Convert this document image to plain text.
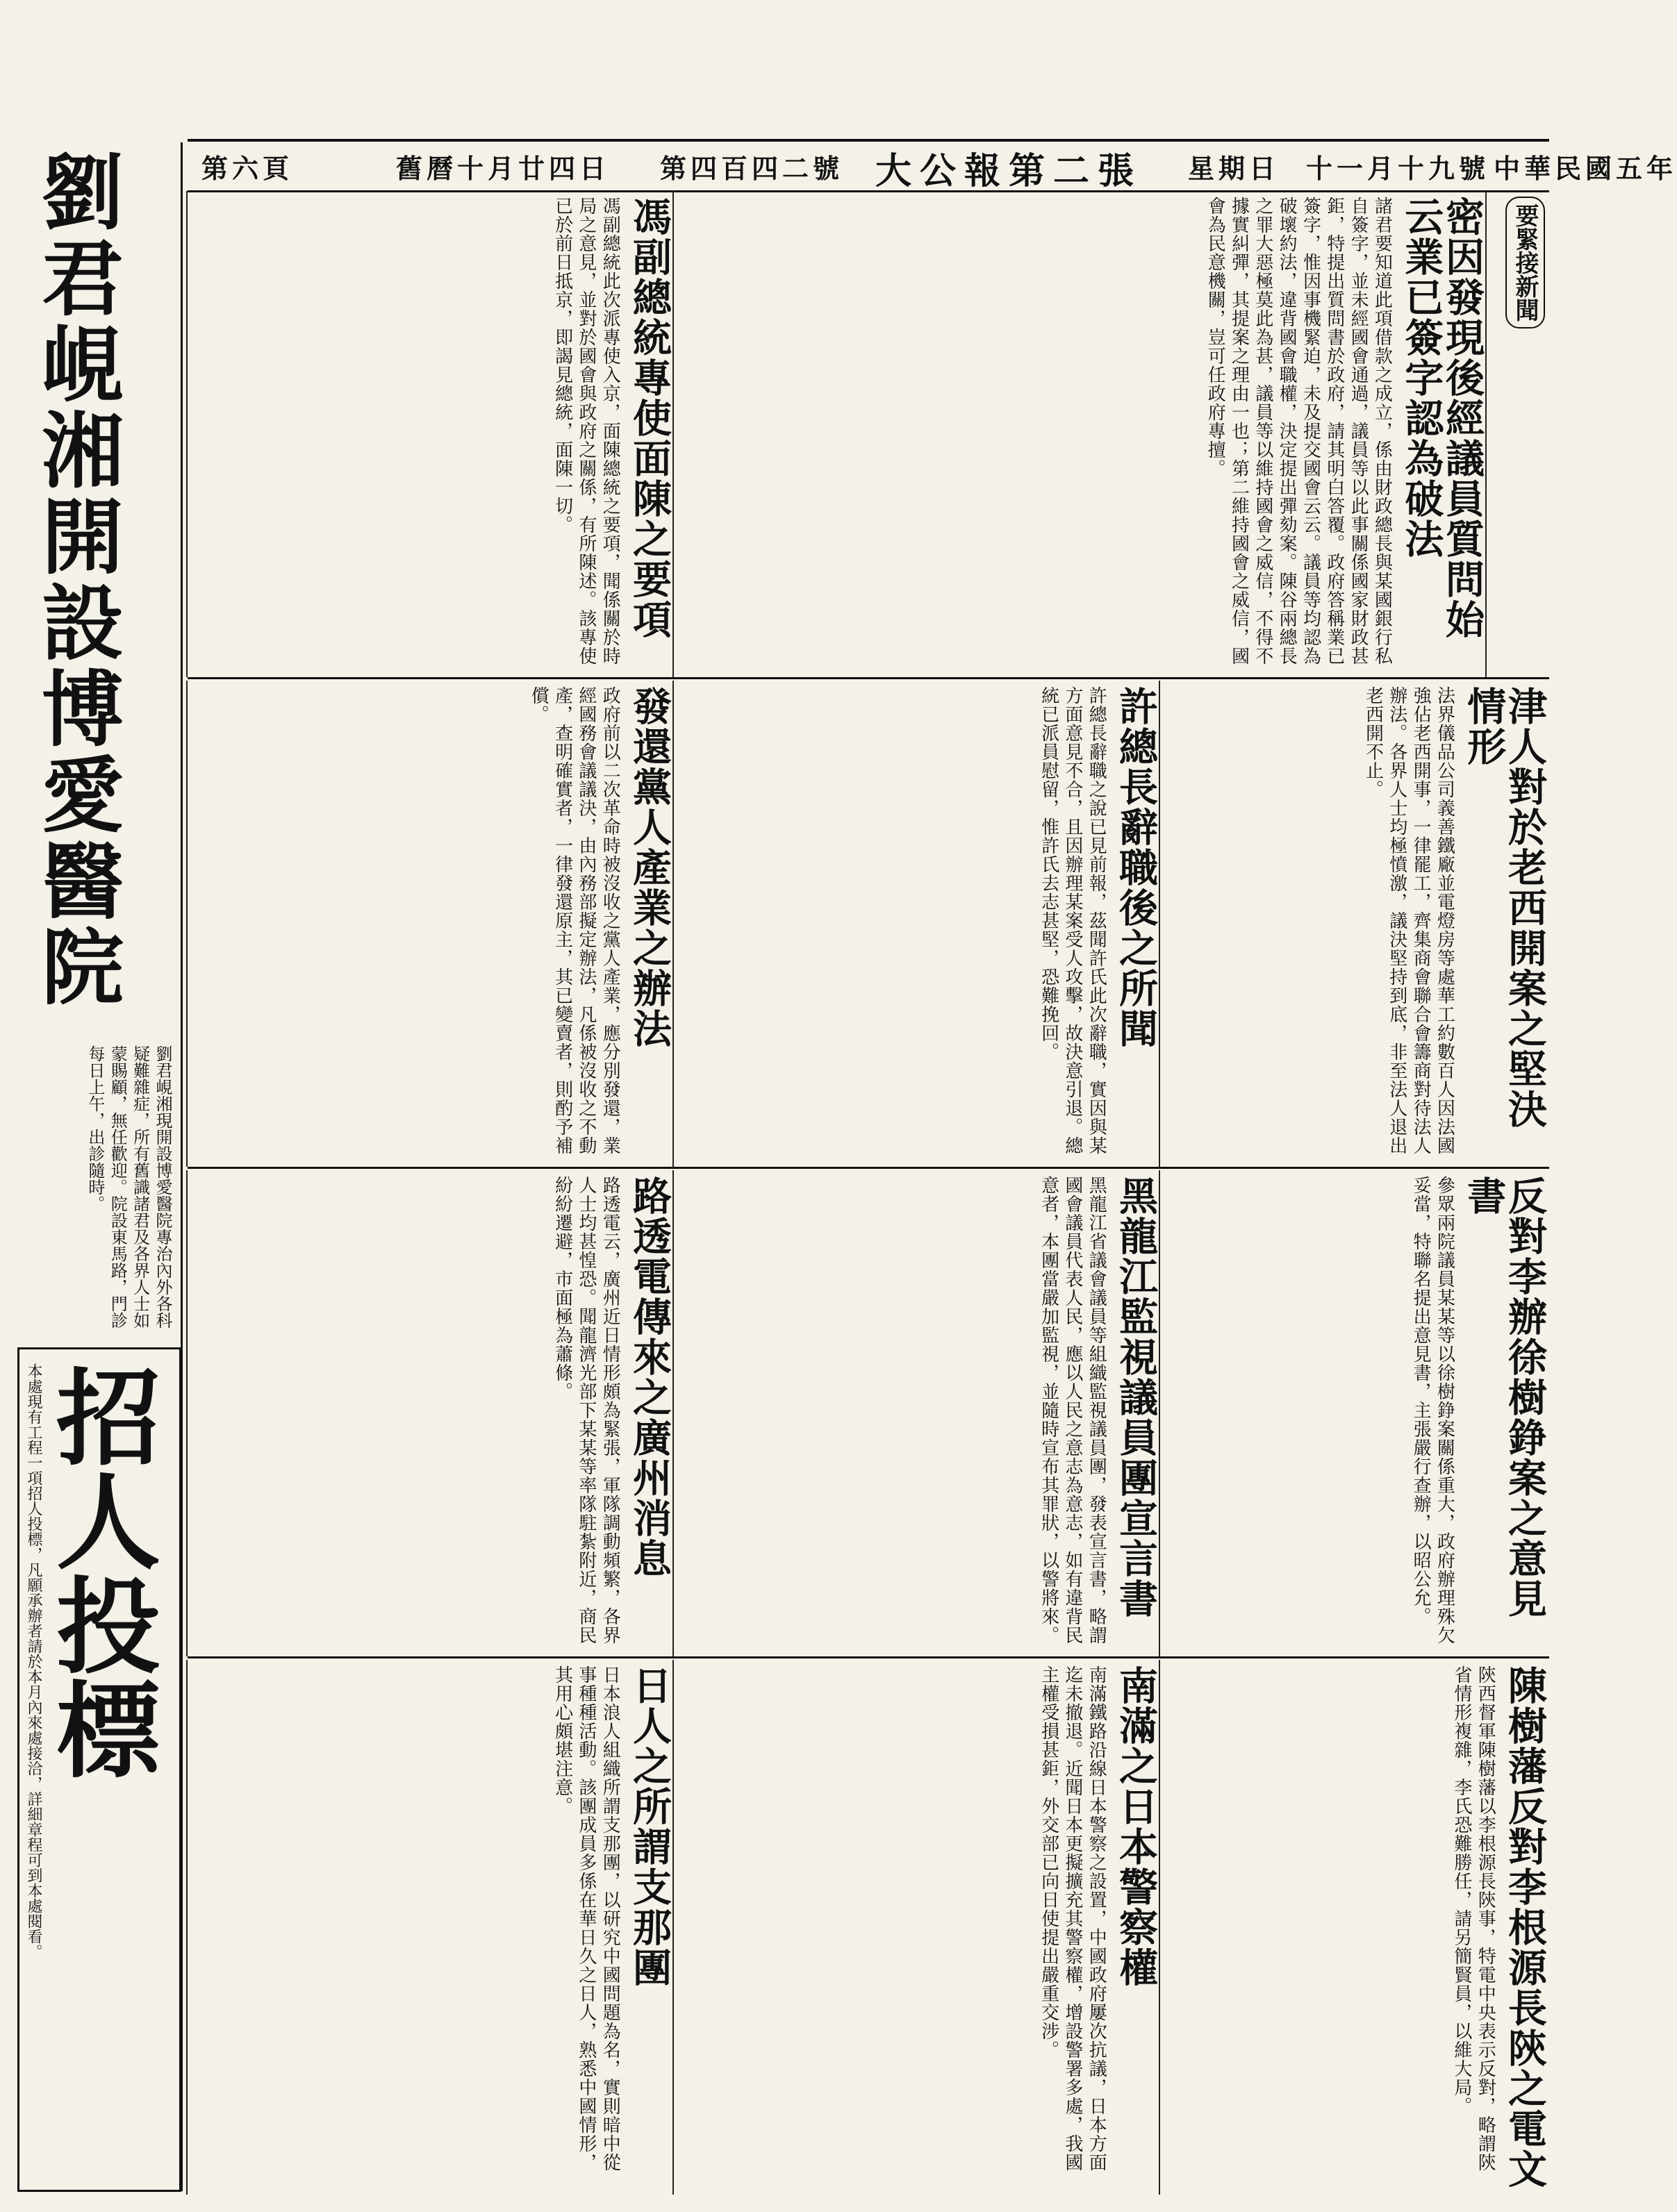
第六頁	舊曆十月廿四日 第四百四二號 大公報第二張 星期日 十一月十九號 中華民國五年
劉君峴湘開設博愛醫院
劉君峴湘現開設博愛醫院專治內外各科疑難雜症，所有舊識諸君及各界人士如蒙賜顧，無任歡迎。院設東馬路，門診每日上午，出診隨時。
招人投標
本處現有工程一項招人投標，凡願承辦者請於本月內來處接洽，詳細章程可到本處閱看。
要緊接新聞
密因發現後經議員質問始云業已簽字認為破法
諸君要知道此項借款之成立，係由財政總長與某國銀行私自簽字，並未經國會通過，議員等以此事關係國家財政甚鉅，特提出質問書於政府，請其明白答覆。政府答稱業已簽字，惟因事機緊迫，未及提交國會云云。議員等均認為破壞約法，違背國會職權，決定提出彈劾案。陳谷兩總長之罪大惡極莫此為甚，議員等以維持國會之威信，不得不據實糾彈，其提案之理由一也；第二維持國會之威信，國會為民意機關，豈可任政府專擅。
馮副總統專使面陳之要項
馮副總統此次派專使入京，面陳總統之要項，聞係關於時局之意見，並對於國會與政府之關係，有所陳述。該專使已於前日抵京，即謁見總統，面陳一切。
津人對於老西開案之堅決情形
法界儀品公司義善鐵廠並電燈房等處華工約數百人因法國強佔老西開事，一律罷工，齊集商會聯合會籌商對待法人辦法。各界人士均極憤激，議決堅持到底，非至法人退出老西開不止。
許總長辭職後之所聞
許總長辭職之說已見前報，茲聞許氏此次辭職，實因與某方面意見不合，且因辦理某案受人攻擊，故決意引退。總統已派員慰留，惟許氏去志甚堅，恐難挽回。
發還黨人產業之辦法
政府前以二次革命時被沒收之黨人產業，應分別發還，業經國務會議議決，由內務部擬定辦法，凡係被沒收之不動產，查明確實者，一律發還原主，其已變賣者，則酌予補償。
反對李辦徐樹錚案之意見書
參眾兩院議員某某等以徐樹錚案關係重大，政府辦理殊欠妥當，特聯名提出意見書，主張嚴行查辦，以昭公允。
黑龍江監視議員團宣言書
黑龍江省議會議員等組織監視議員團，發表宣言書，略謂國會議員代表人民，應以人民之意志為意志，如有違背民意者，本團當嚴加監視，並隨時宣布其罪狀，以警將來。
路透電傳來之廣州消息
路透電云，廣州近日情形頗為緊張，軍隊調動頻繁，各界人士均甚惶恐。聞龍濟光部下某某等率隊駐紮附近，商民紛紛遷避，市面極為蕭條。
陳樹藩反對李根源長陝之電文
陝西督軍陳樹藩以李根源長陝事，特電中央表示反對，略謂陝省情形複雜，李氏恐難勝任，請另簡賢員，以維大局。
南滿之日本警察權
南滿鐵路沿線日本警察之設置，中國政府屢次抗議，日本方面迄未撤退。近聞日本更擬擴充其警察權，增設警署多處，我國主權受損甚鉅，外交部已向日使提出嚴重交涉。
日人之所謂支那團
日本浪人組織所謂支那團，以研究中國問題為名，實則暗中從事種種活動。該團成員多係在華日久之日人，熟悉中國情形，其用心頗堪注意。
